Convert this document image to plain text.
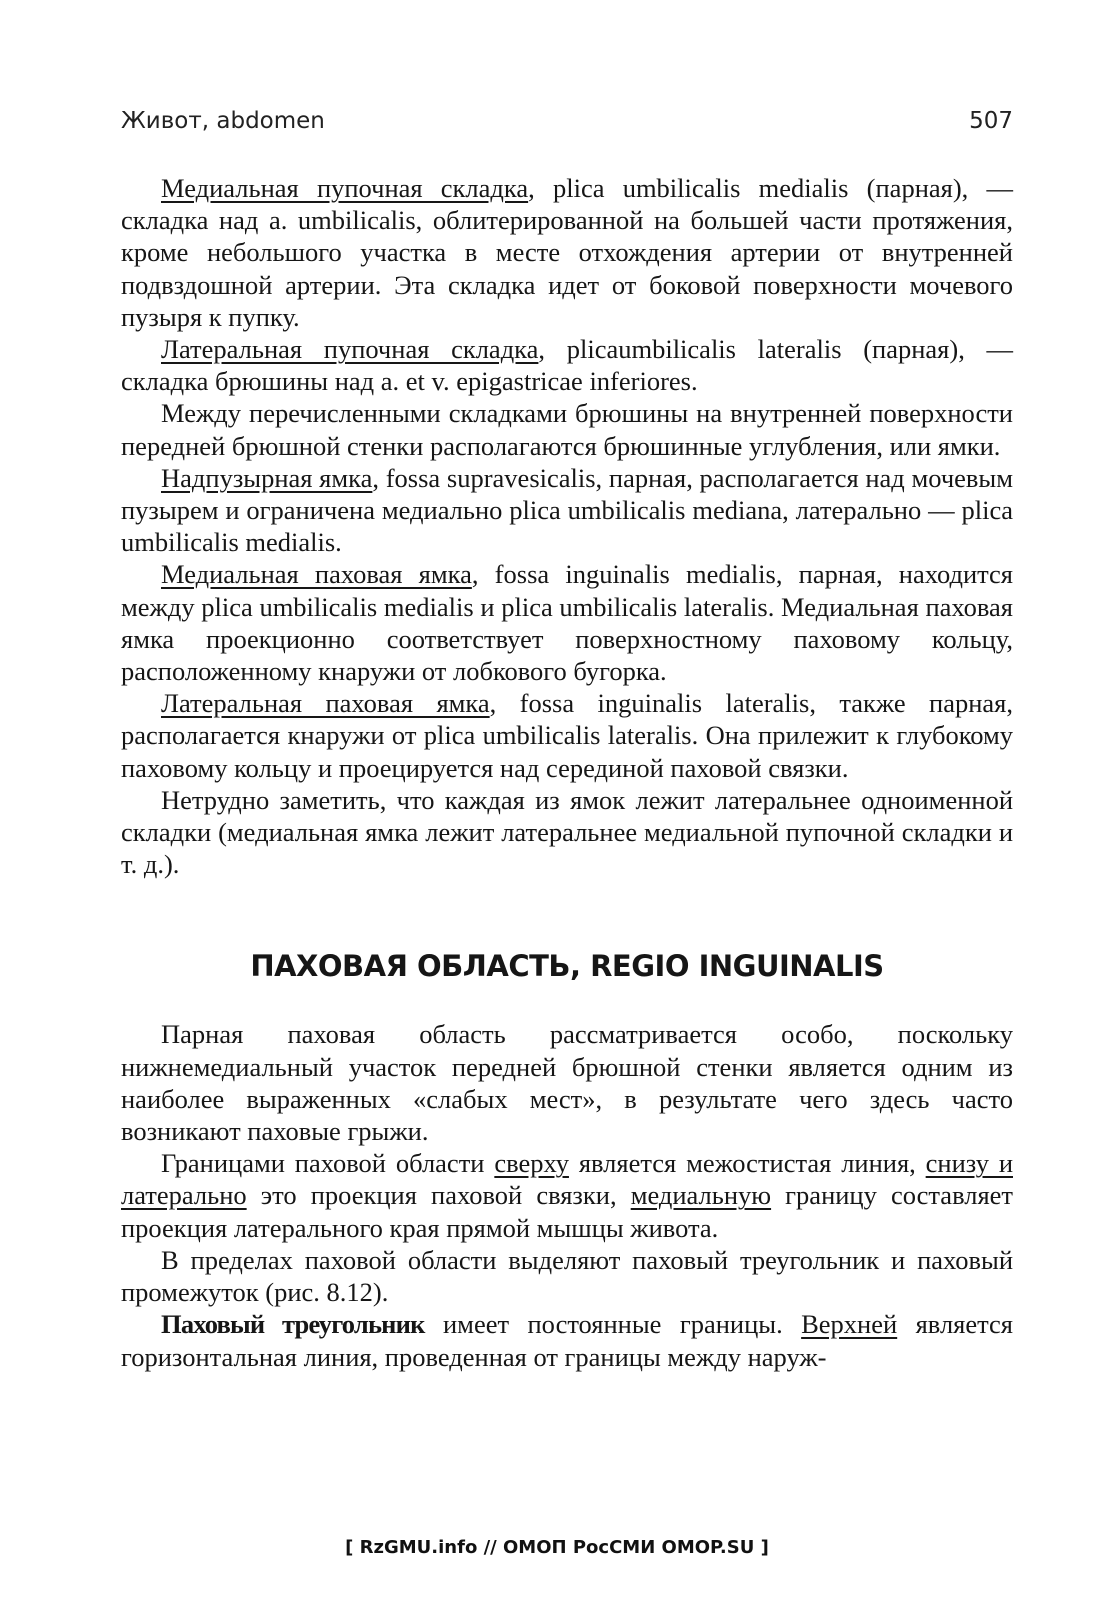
Живот, abdomen	507

Медиальная пупочная складка, plica umbilicalis medialis (парная), — складка над a. umbilicalis, облитерированной на большей части протяжения, кроме небольшого участка в месте отхождения артерии от внутренней подвздошной артерии. Эта складка идет от боковой поверхности мочевого пузыря к пупку.

Латеральная пупочная складка, plicaumbilicalis lateralis (парная), — складка брюшины над a. et v. epigastricae inferiores.

Между перечисленными складками брюшины на внутренней поверхности передней брюшной стенки располагаются брюшинные углубления, или ямки.

Надпузырная ямка, fossa supravesicalis, парная, располагается над мочевым пузырем и ограничена медиально plica umbilicalis mediana, латерально — plica umbilicalis medialis.

Медиальная паховая ямка, fossa inguinalis medialis, парная, находится между plica umbilicalis medialis и plica umbilicalis lateralis. Медиальная паховая ямка проекционно соответствует поверхностному паховому кольцу, расположенному кнаружи от лобкового бугорка.

Латеральная паховая ямка, fossa inguinalis lateralis, также парная, располагается кнаружи от plica umbilicalis lateralis. Она прилежит к глубокому паховому кольцу и проецируется над серединой паховой связки.

Нетрудно заметить, что каждая из ямок лежит латеральнее одноименной складки (медиальная ямка лежит латеральнее медиальной пупочной складки и т. д.).

ПАХОВАЯ ОБЛАСТЬ, REGIO INGUINALIS

Парная паховая область рассматривается особо, поскольку нижнемедиальный участок передней брюшной стенки является одним из наиболее выраженных «слабых мест», в результате чего здесь часто возникают паховые грыжи.

Границами паховой области сверху является межостистая линия, снизу и латерально это проекция паховой связки, медиальную границу составляет проекция латерального края прямой мышцы живота.

В пределах паховой области выделяют паховый треугольник и паховый промежуток (рис. 8.12).

Паховый треугольник имеет постоянные границы. Верхней является горизонтальная линия, проведенная от границы между наруж-

[ RzGMU.info // ОМОП РосСМИ OMOP.SU ]
